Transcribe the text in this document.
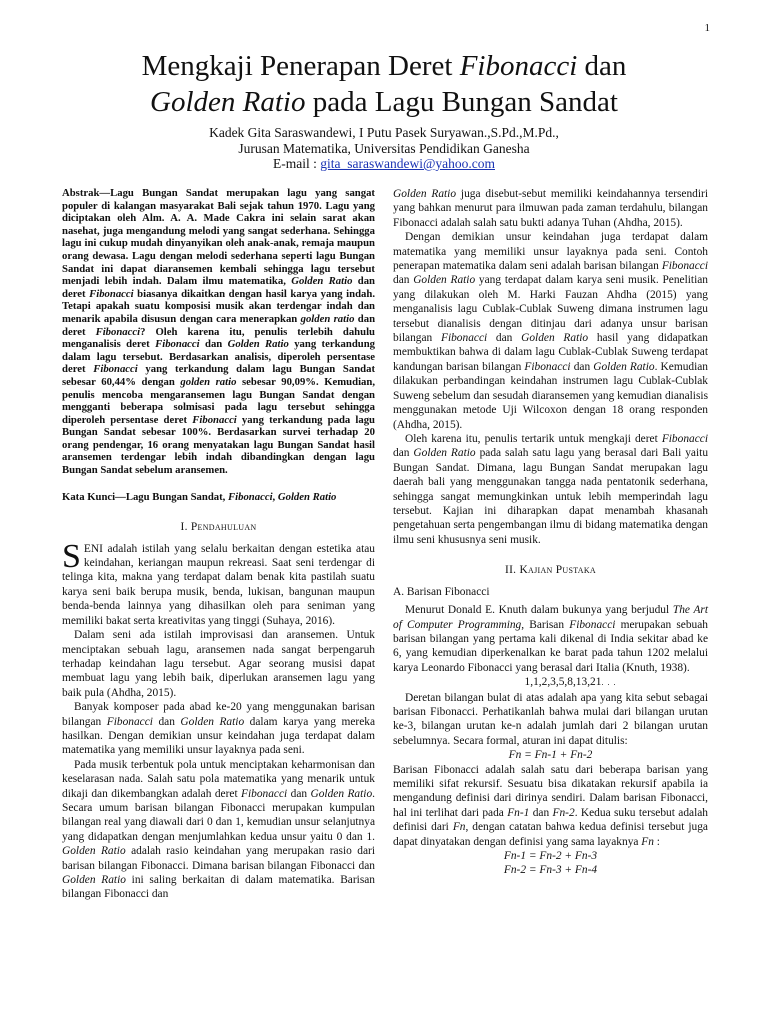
1
Mengkaji Penerapan Deret Fibonacci dan
Golden Ratio pada Lagu Bungan Sandat
Kadek Gita Saraswandewi, I Putu Pasek Suryawan.,S.Pd.,M.Pd.,
Jurusan Matematika, Universitas Pendidikan Ganesha
E-mail : gita_saraswandewi@yahoo.com

Abstrak—Lagu Bungan Sandat merupakan lagu yang sangat populer di kalangan masyarakat Bali sejak tahun 1970. Lagu yang diciptakan oleh Alm. A. A. Made Cakra ini selain sarat akan nasehat, juga mengandung melodi yang sangat sederhana. Sehingga lagu ini cukup mudah dinyanyikan oleh anak-anak, remaja maupun orang dewasa. Lagu dengan melodi sederhana seperti lagu Bungan Sandat ini dapat diaransemen kembali sehingga lagu tersebut menjadi lebih indah. Dalam ilmu matematika, Golden Ratio dan deret Fibonacci biasanya dikaitkan dengan hasil karya yang indah. Tetapi apakah suatu komposisi musik akan terdengar indah dan menarik apabila disusun dengan cara menerapkan golden ratio dan deret Fibonacci? Oleh karena itu, penulis terlebih dahulu menganalisis deret Fibonacci dan Golden Ratio yang terkandung dalam lagu tersebut. Berdasarkan analisis, diperoleh persentase deret Fibonacci yang terkandung dalam lagu Bungan Sandat sebesar 60,44% dengan golden ratio sebesar 90,09%. Kemudian, penulis mencoba mengaransemen lagu Bungan Sandat dengan mengganti beberapa solmisasi pada lagu tersebut sehingga diperoleh persentase deret Fibonacci yang terkandung pada lagu Bungan Sandat sebesar 100%. Berdasarkan survei terhadap 20 orang pendengar, 16 orang menyatakan lagu Bungan Sandat hasil aransemen terdengar lebih indah dibandingkan dengan lagu Bungan Sandat sebelum aransemen.

Kata Kunci—Lagu Bungan Sandat, Fibonacci, Golden Ratio

I. Pendahuluan

SENI adalah istilah yang selalu berkaitan dengan estetika atau keindahan, keriangan maupun rekreasi. Saat seni terdengar di telinga kita, makna yang terdapat dalam benak kita pastilah suatu karya seni baik berupa musik, benda, lukisan, bangunan maupun benda-benda lainnya yang dihasilkan oleh para seniman yang memiliki bakat serta kreativitas yang tinggi (Suhaya, 2016).

Dalam seni ada istilah improvisasi dan aransemen. Untuk menciptakan sebuah lagu, aransemen nada sangat berpengaruh terhadap keindahan lagu tersebut. Agar seorang musisi dapat membuat lagu yang lebih baik, diperlukan aransemen lagu yang baik pula (Ahdha, 2015).

Banyak komposer pada abad ke-20 yang menggunakan barisan bilangan Fibonacci dan Golden Ratio dalam karya yang mereka hasilkan. Dengan demikian unsur keindahan juga terdapat dalam matematika yang memiliki unsur layaknya pada seni.

Pada musik terbentuk pola untuk menciptakan keharmonisan dan keselarasan nada. Salah satu pola matematika yang menarik untuk dikaji dan dikembangkan adalah deret Fibonacci dan Golden Ratio. Secara umum barisan bilangan Fibonacci merupakan kumpulan bilangan real yang diawali dari 0 dan 1, kemudian unsur selanjutnya yang didapatkan dengan menjumlahkan kedua unsur yaitu 0 dan 1. Golden Ratio adalah rasio keindahan yang merupakan rasio dari barisan bilangan Fibonacci. Dimana barisan bilangan Fibonacci dan Golden Ratio ini saling berkaitan di dalam matematika. Barisan bilangan Fibonacci dan

Golden Ratio juga disebut-sebut memiliki keindahannya tersendiri yang bahkan menurut para ilmuwan pada zaman terdahulu, bilangan Fibonacci adalah salah satu bukti adanya Tuhan (Ahdha, 2015).

Dengan demikian unsur keindahan juga terdapat dalam matematika yang memiliki unsur layaknya pada seni. Contoh penerapan matematika dalam seni adalah barisan bilangan Fibonacci dan Golden Ratio yang terdapat dalam karya seni musik. Penelitian yang dilakukan oleh M. Harki Fauzan Ahdha (2015) yang menganalisis lagu Cublak-Cublak Suweng dimana instrumen lagu tersebut dianalisis dengan ditinjau dari adanya unsur barisan bilangan Fibonacci dan Golden Ratio hasil yang didapatkan membuktikan bahwa di dalam lagu Cublak-Cublak Suweng terdapat kandungan barisan bilangan Fibonacci dan Golden Ratio. Kemudian dilakukan perbandingan keindahan instrumen lagu Cublak-Cublak Suweng sebelum dan sesudah diaransemen yang kemudian dianalisis menggunakan metode Uji Wilcoxon dengan 18 orang responden (Ahdha, 2015).

Oleh karena itu, penulis tertarik untuk mengkaji deret Fibonacci dan Golden Ratio pada salah satu lagu yang berasal dari Bali yaitu Bungan Sandat. Dimana, lagu Bungan Sandat merupakan lagu daerah bali yang menggunakan tangga nada pentatonik sederhana, sehingga sangat memungkinkan untuk lebih memperindah lagu tersebut. Kajian ini diharapkan dapat menambah khasanah pengetahuan serta pengembangan ilmu di bidang matematika dengan ilmu seni khususnya seni musik.

II. Kajian Pustaka
A. Barisan Fibonacci

Menurut Donald E. Knuth dalam bukunya yang berjudul The Art of Computer Programming, Barisan Fibonacci merupakan sebuah barisan bilangan yang pertama kali dikenal di India sekitar abad ke 6, yang kemudian diperkenalkan ke barat pada tahun 1202 melalui karya Leonardo Fibonacci yang berasal dari Italia (Knuth, 1938).

1,1,2,3,5,8,13,21. . .

Deretan bilangan bulat di atas adalah apa yang kita sebut sebagai barisan Fibonacci. Perhatikanlah bahwa mulai dari bilangan urutan ke-3, bilangan urutan ke-n adalah jumlah dari 2 bilangan urutan sebelumnya. Secara formal, aturan ini dapat ditulis:

Fn = Fn-1 + Fn-2

Barisan Fibonacci adalah salah satu dari beberapa barisan yang memiliki sifat rekursif. Sesuatu bisa dikatakan rekursif apabila ia mengandung definisi dari dirinya sendiri. Dalam barisan Fibonacci, hal ini terlihat dari pada Fn-1 dan Fn-2. Kedua suku tersebut adalah definisi dari Fn, dengan catatan bahwa kedua definisi tersebut juga dapat dinyatakan dengan definisi yang sama layaknya Fn :

Fn-1 = Fn-2 + Fn-3

Fn-2 = Fn-3 + Fn-4
